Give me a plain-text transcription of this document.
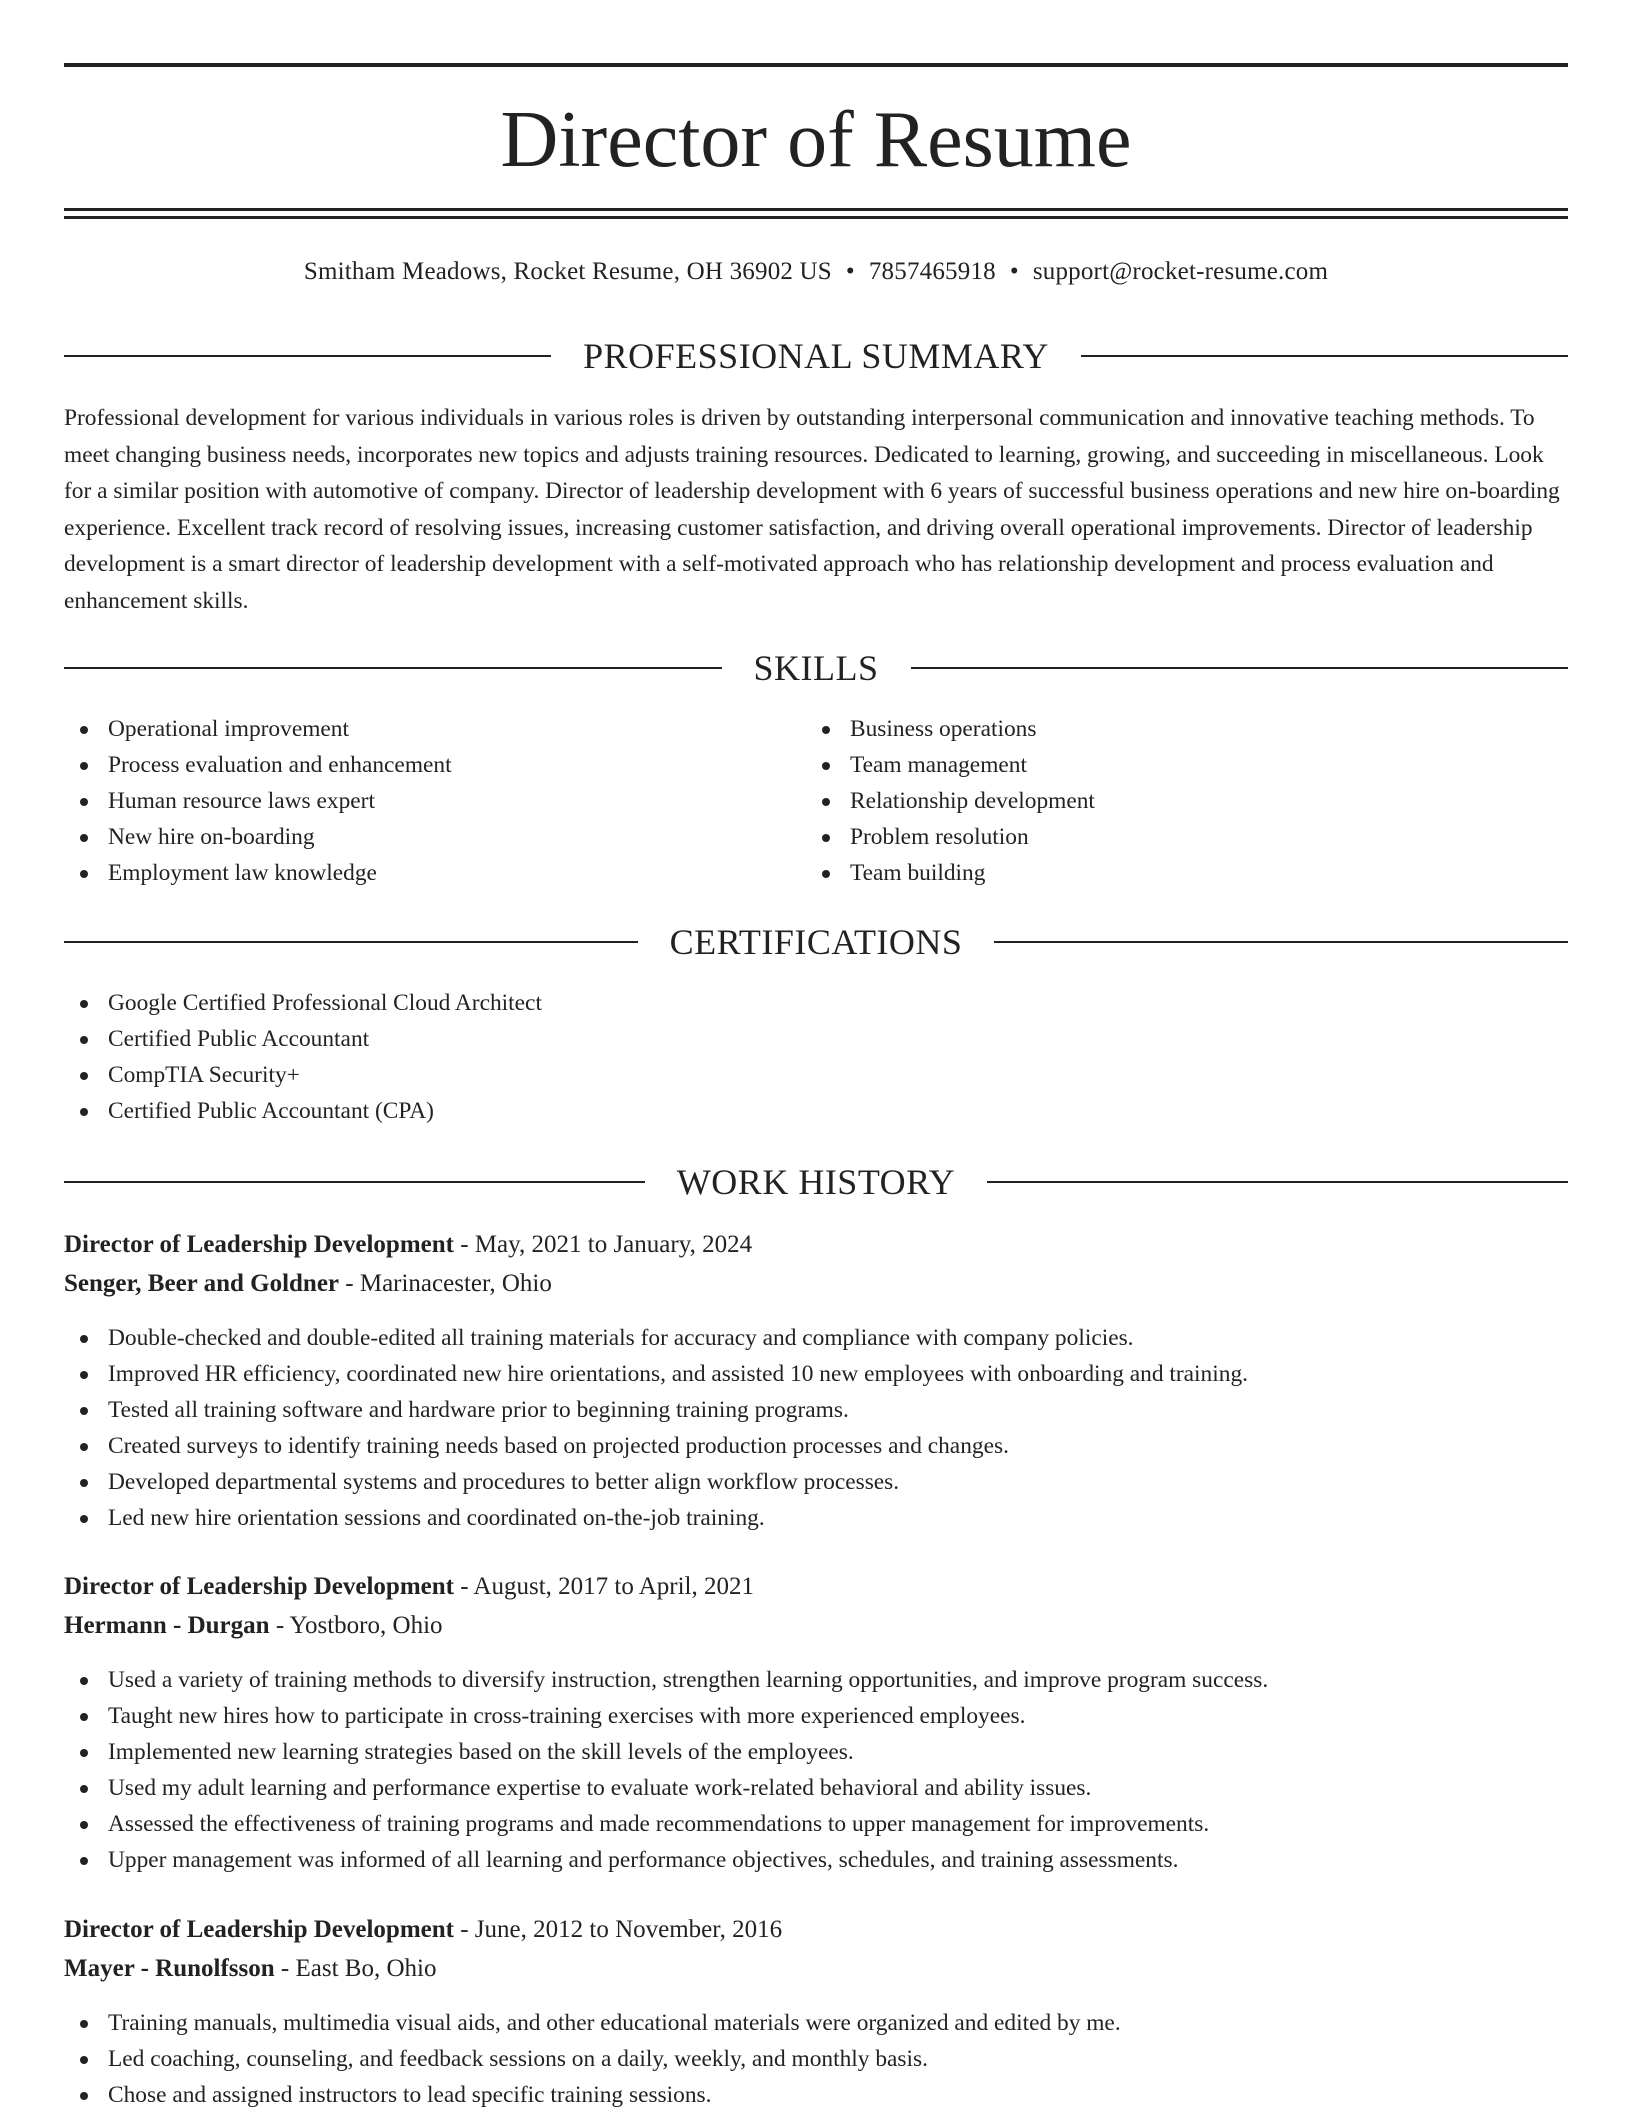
Director of Resume
Smitham Meadows, Rocket Resume, OH 36902 US • 7857465918 • support@rocket-resume.com
PROFESSIONAL SUMMARY

Professional development for various individuals in various roles is driven by outstanding interpersonal communication and innovative teaching methods. To meet changing business needs, incorporates new topics and adjusts training resources. Dedicated to learning, growing, and succeeding in miscellaneous. Look for a similar position with automotive of company. Director of leadership development with 6 years of successful business operations and new hire on-boarding experience. Excellent track record of resolving issues, increasing customer satisfaction, and driving overall operational improvements. Director of leadership development is a smart director of leadership development with a self-motivated approach who has relationship development and process evaluation and enhancement skills.

SKILLS
Operational improvement
Process evaluation and enhancement
Human resource laws expert
New hire on-boarding
Employment law knowledge
Business operations
Team management
Relationship development
Problem resolution
Team building
CERTIFICATIONS
Google Certified Professional Cloud Architect
Certified Public Accountant
CompTIA Security+
Certified Public Accountant (CPA)
WORK HISTORY
Director of Leadership Development - May, 2021 to January, 2024
Senger, Beer and Goldner - Marinacester, Ohio
Double-checked and double-edited all training materials for accuracy and compliance with company policies.
Improved HR efficiency, coordinated new hire orientations, and assisted 10 new employees with onboarding and training.
Tested all training software and hardware prior to beginning training programs.
Created surveys to identify training needs based on projected production processes and changes.
Developed departmental systems and procedures to better align workflow processes.
Led new hire orientation sessions and coordinated on-the-job training.
Director of Leadership Development - August, 2017 to April, 2021
Hermann - Durgan - Yostboro, Ohio
Used a variety of training methods to diversify instruction, strengthen learning opportunities, and improve program success.
Taught new hires how to participate in cross-training exercises with more experienced employees.
Implemented new learning strategies based on the skill levels of the employees.
Used my adult learning and performance expertise to evaluate work-related behavioral and ability issues.
Assessed the effectiveness of training programs and made recommendations to upper management for improvements.
Upper management was informed of all learning and performance objectives, schedules, and training assessments.
Director of Leadership Development - June, 2012 to November, 2016
Mayer - Runolfsson - East Bo, Ohio
Training manuals, multimedia visual aids, and other educational materials were organized and edited by me.
Led coaching, counseling, and feedback sessions on a daily, weekly, and monthly basis.
Chose and assigned instructors to lead specific training sessions.
